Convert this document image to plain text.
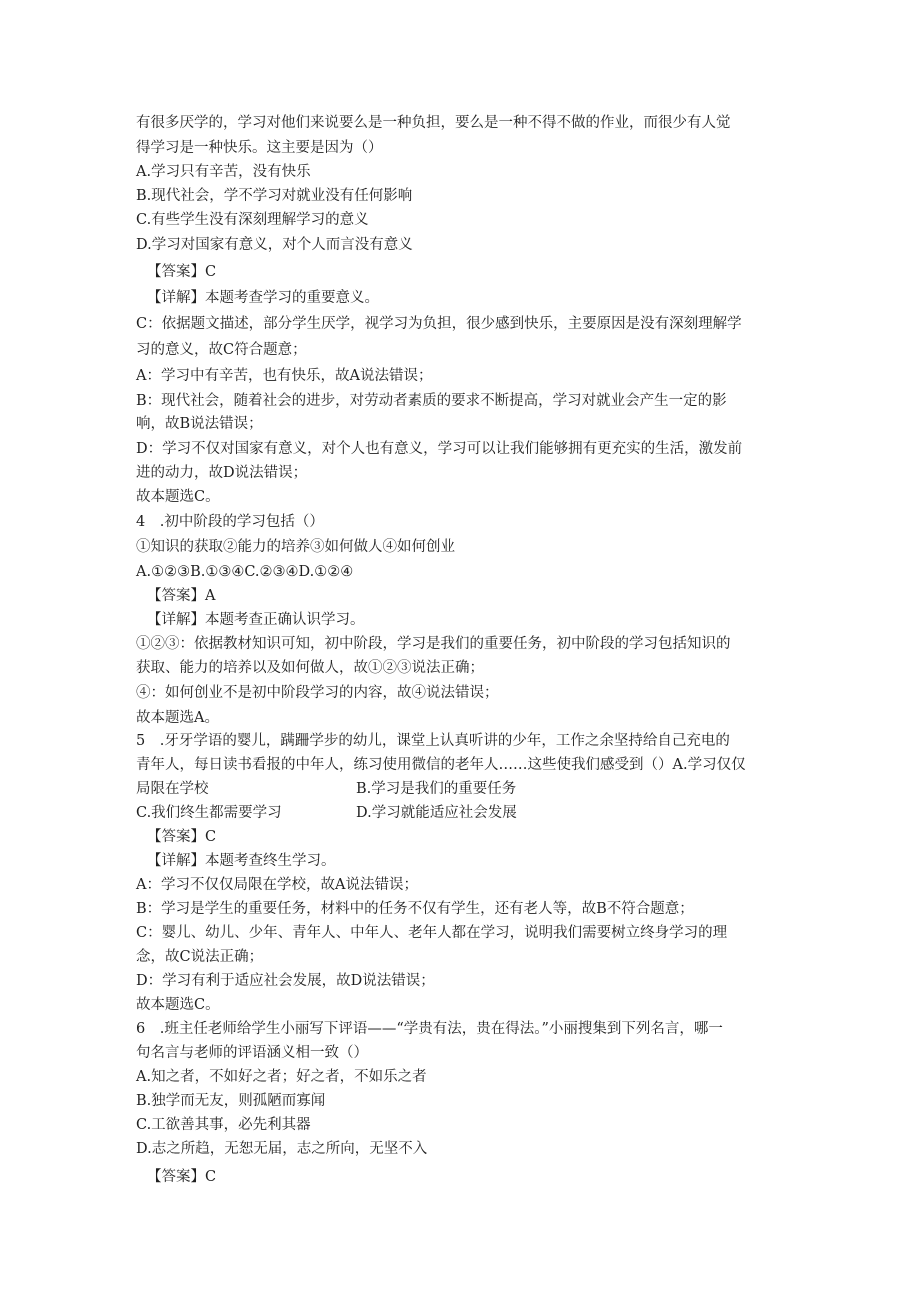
有很多厌学的，学习对他们来说要么是一种负担，要么是一种不得不做的作业，而很少有人觉
得学习是一种快乐。这主要是因为（）
A.学习只有辛苦，没有快乐
B.现代社会，学不学习对就业没有任何影响
C.有些学生没有深刻理解学习的意义
D.学习对国家有意义，对个人而言没有意义
【答案】C
【详解】本题考查学习的重要意义。
C：依据题文描述，部分学生厌学，视学习为负担，很少感到快乐，主要原因是没有深刻理解学
习的意义，故C符合题意；
A：学习中有辛苦，也有快乐，故A说法错误；
B：现代社会，随着社会的进步，对劳动者素质的要求不断提高，学习对就业会产生一定的影
响，故B说法错误；
D：学习不仅对国家有意义，对个人也有意义，学习可以让我们能够拥有更充实的生活，激发前
进的动力，故D说法错误；
故本题选C。
4　.初中阶段的学习包括（）
①知识的获取②能力的培养③如何做人④如何创业
A.①②③B.①③④C.②③④D.①②④
【答案】A
【详解】本题考查正确认识学习。
①②③：依据教材知识可知，初中阶段，学习是我们的重要任务，初中阶段的学习包括知识的
获取、能力的培养以及如何做人，故①②③说法正确；
④：如何创业不是初中阶段学习的内容，故④说法错误；
故本题选A。
5　.牙牙学语的婴儿，蹒跚学步的幼儿，课堂上认真听讲的少年，工作之余坚持给自己充电的
青年人，每日读书看报的中年人，练习使用微信的老年人……这些使我们感受到（）A.学习仅仅
局限在学校	B.学习是我们的重要任务
C.我们终生都需要学习	D.学习就能适应社会发展
【答案】C
【详解】本题考查终生学习。
A：学习不仅仅局限在学校，故A说法错误；
B：学习是学生的重要任务，材料中的任务不仅有学生，还有老人等，故B不符合题意；
C：婴儿、幼儿、少年、青年人、中年人、老年人都在学习，说明我们需要树立终身学习的理
念，故C说法正确；
D：学习有利于适应社会发展，故D说法错误；
故本题选C。
6　.班主任老师给学生小丽写下评语——“学贵有法，贵在得法。”小丽搜集到下列名言，哪一
句名言与老师的评语涵义相一致（）
A.知之者，不如好之者；好之者，不如乐之者
B.独学而无友，则孤陋而寡闻
C.工欲善其事，必先利其器
D.志之所趋，无恕无届，志之所向，无坚不入
【答案】C
